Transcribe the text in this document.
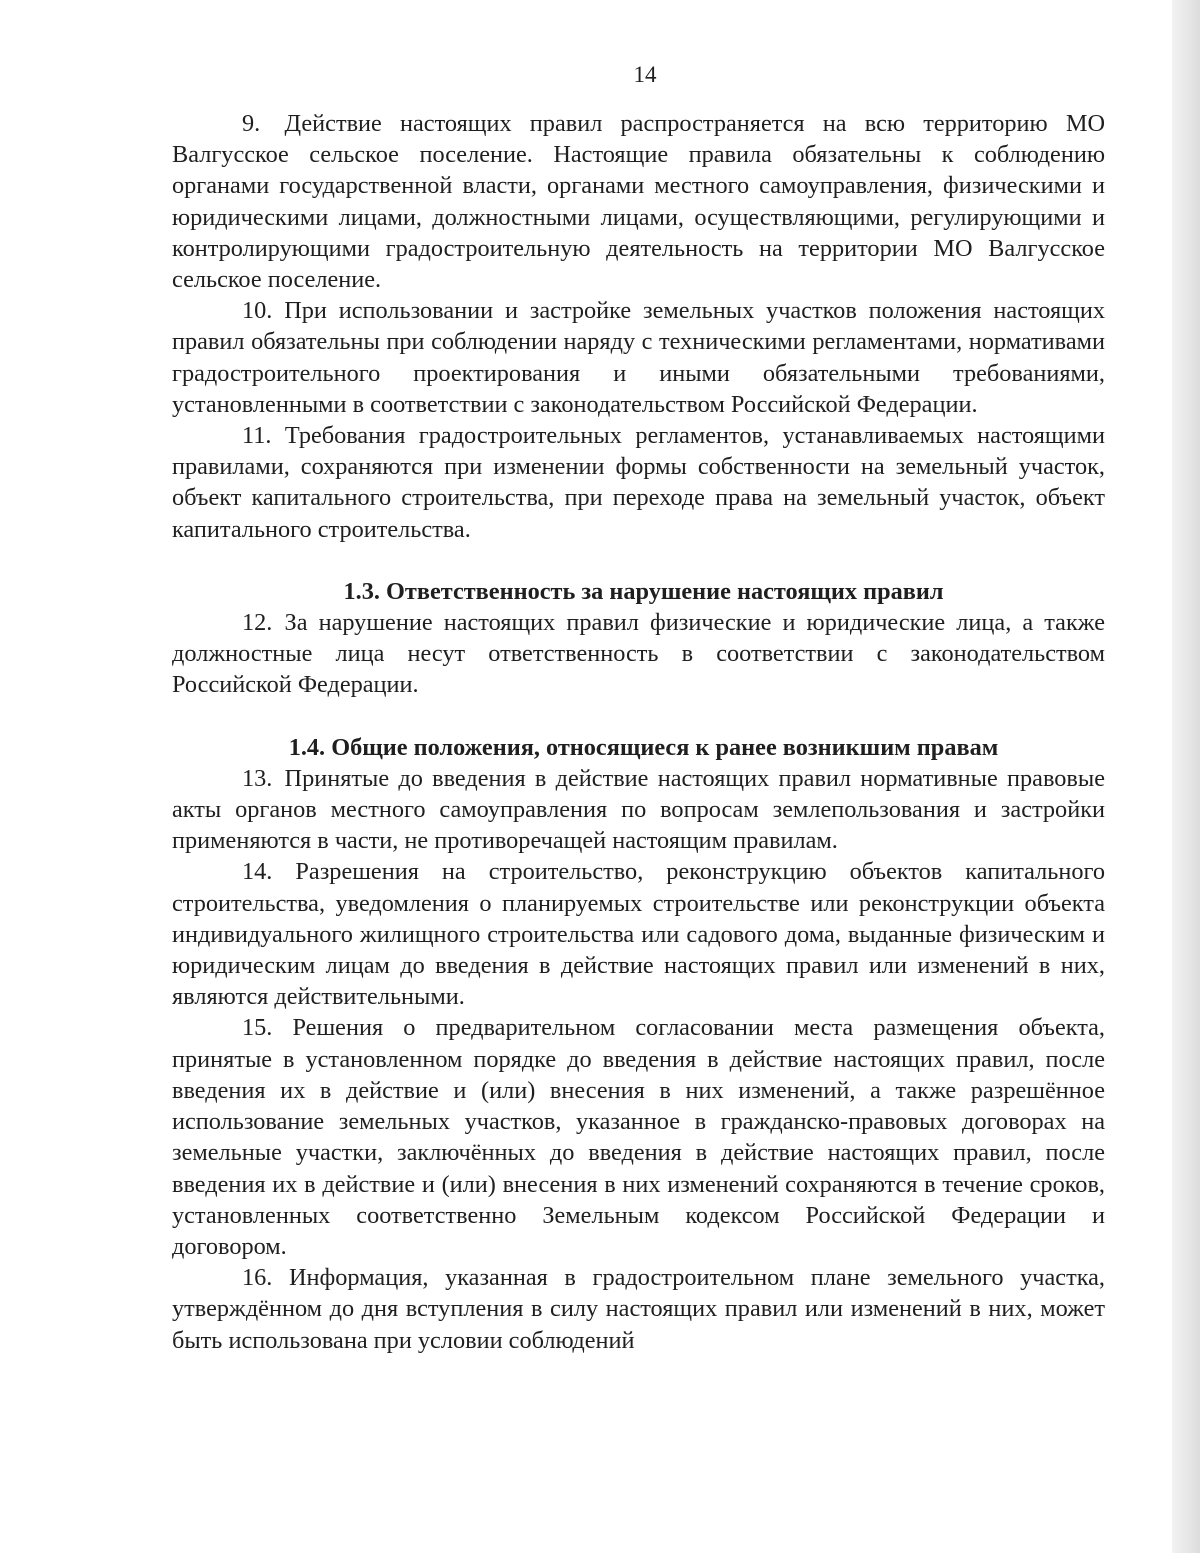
14

9. Действие настоящих правил распространяется на всю территорию МО Валгусское сельское поселение. Настоящие правила обязательны к соблюдению органами государственной власти, органами местного самоуправления, физическими и юридическими лицами, должностными лицами, осуществляющими, регулирующими и контролирующими градостроительную деятельность на территории МО Валгусское сельское поселение.

10. При использовании и застройке земельных участков положения настоящих правил обязательны при соблюдении наряду с техническими регламентами, нормативами градостроительного проектирования и иными обязательными требованиями, установленными в соответствии с законодательством Российской Федерации.

11. Требования градостроительных регламентов, устанавливаемых настоящими правилами, сохраняются при изменении формы собственности на земельный участок, объект капитального строительства, при переходе права на земельный участок, объект капитального строительства.

1.3. Ответственность за нарушение настоящих правил

12. За нарушение настоящих правил физические и юридические лица, а также должностные лица несут ответственность в соответствии с законодательством Российской Федерации.

1.4. Общие положения, относящиеся к ранее возникшим правам

13. Принятые до введения в действие настоящих правил нормативные правовые акты органов местного самоуправления по вопросам землепользования и застройки применяются в части, не противоречащей настоящим правилам.

14. Разрешения на строительство, реконструкцию объектов капитального строительства, уведомления о планируемых строительстве или реконструкции объекта индивидуального жилищного строительства или садового дома, выданные физическим и юридическим лицам до введения в действие настоящих правил или изменений в них, являются действительными.

15. Решения о предварительном согласовании места размещения объекта, принятые в установленном порядке до введения в действие настоящих правил, после введения их в действие и (или) внесения в них изменений, а также разрешённое использование земельных участков, указанное в гражданско-правовых договорах на земельные участки, заключённых до введения в действие настоящих правил, после введения их в действие и (или) внесения в них изменений сохраняются в течение сроков, установленных соответственно Земельным кодексом Российской Федерации и договором.

16. Информация, указанная в градостроительном плане земельного участка, утверждённом до дня вступления в силу настоящих правил или изменений в них, может быть использована при условии соблюдений
